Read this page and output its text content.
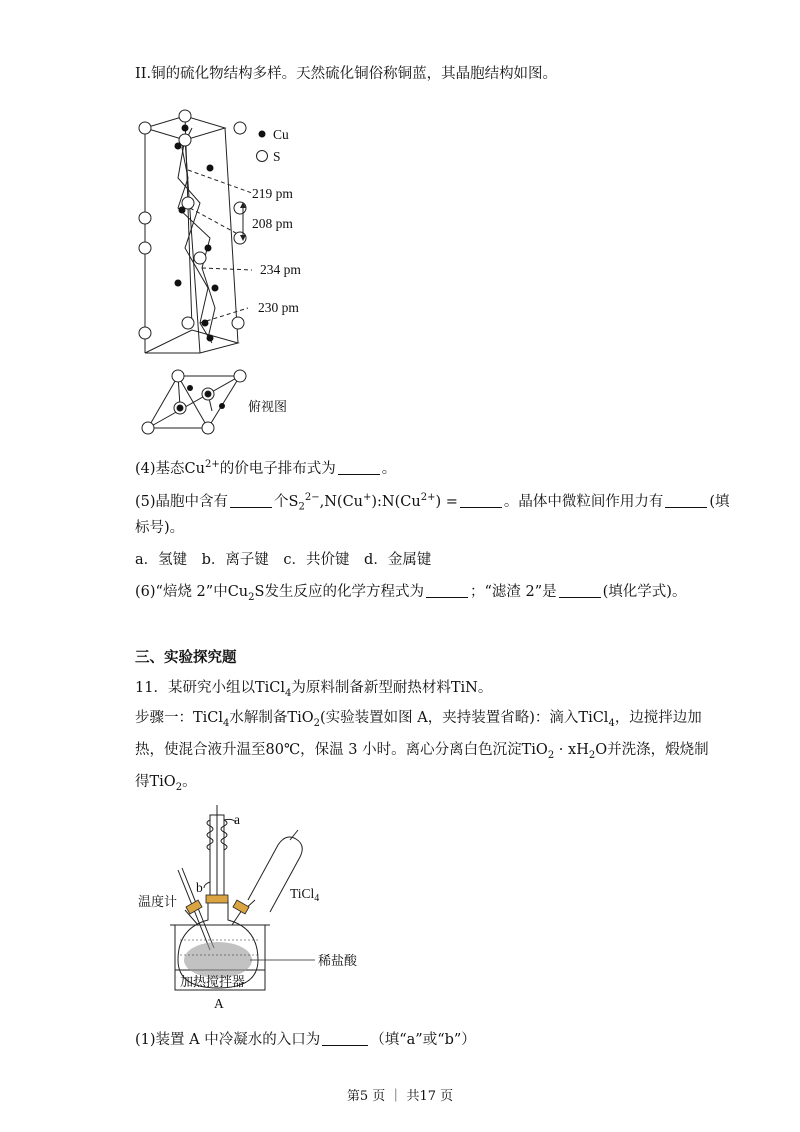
II.铜的硫化物结构多样。天然硫化铜俗称铜蓝，其晶胞结构如图。
Cu
S
219 pm
208 pm
234 pm
230 pm
俯视图
(4)基态$Cu^{2+}$的价电子排布式为	。
(5)晶胞中含有	个$S_2^{2-},N(Cu^+):N(Cu^{2+})$ =	。晶体中微粒间作用力有	(填
标号)。
a．氢键　b．离子键　c．共价键　d．金属键
(6)“焙烧 2”中$Cu_2S$发生反应的化学方程式为	；“滤渣 2”是	(填化学式)。
三、实验探究题
11．某研究小组以TiCl$_4$为原料制备新型耐热材料TiN。
步骤一：TiCl$_4$水解制备TiO$_2$(实验装置如图 A，夹持装置省略)：滴入TiCl$_4$，边搅拌边加
热，使混合液升温至80℃，保温 3 小时。离心分离白色沉淀$TiO_2 \cdot xH_2O$并洗涤，煅烧制
得TiO$_2$。
a
b
温度计
TiCl$_4$
稀盐酸
加热搅拌器
A
(1)装置 A 中冷凝水的入口为	（填“a”或“b”）
第5 页 ｜ 共17 页
